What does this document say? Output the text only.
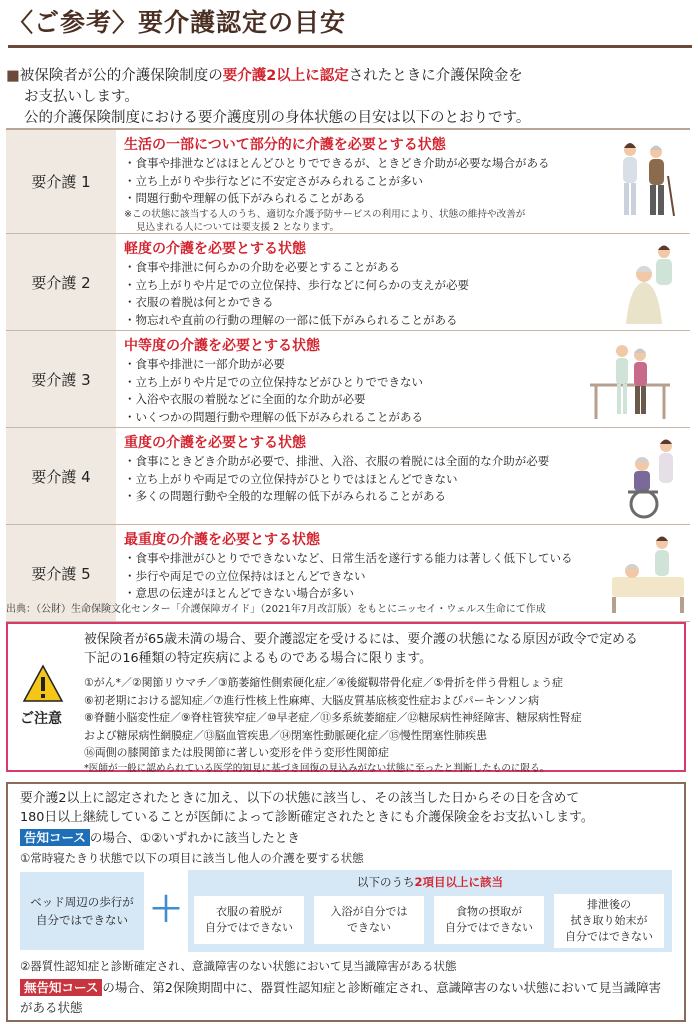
〈ご参考〉要介護認定の目安
■被保険者が公的介護保険制度の要介護2以上に認定されたときに介護保険金を
お支払いします。
公的介護保険制度における要介護度別の身体状態の目安は以下のとおりです。
要介護 1
生活の一部について部分的に介護を必要とする状態
・食事や排泄などはほとんどひとりでできるが、ときどき介助が必要な場合がある
・立ち上がりや歩行などに不安定さがみられることが多い
・問題行動や理解の低下がみられることがある
※この状態に該当する人のうち、適切な介護予防サービスの利用により、状態の維持や改善が
見込まれる人については要支援 2 となります。
要介護 2
軽度の介護を必要とする状態
・食事や排泄に何らかの介助を必要とすることがある
・立ち上がりや片足での立位保持、歩行などに何らかの支えが必要
・衣服の着脱は何とかできる
・物忘れや直前の行動の理解の一部に低下がみられることがある
要介護 3
中等度の介護を必要とする状態
・食事や排泄に一部介助が必要
・立ち上がりや片足での立位保持などがひとりでできない
・入浴や衣服の着脱などに全面的な介助が必要
・いくつかの問題行動や理解の低下がみられることがある
要介護 4
重度の介護を必要とする状態
・食事にときどき介助が必要で、排泄、入浴、衣服の着脱には全面的な介助が必要
・立ち上がりや両足での立位保持がひとりではほとんどできない
・多くの問題行動や全般的な理解の低下がみられることがある
要介護 5
最重度の介護を必要とする状態
・食事や排泄がひとりでできないなど、日常生活を遂行する能力は著しく低下している
・歩行や両足での立位保持はほとんどできない
・意思の伝達がほとんどできない場合が多い
出典：（公財）生命保険文化センター「介護保障ガイド」（2021年7月改訂版）をもとにニッセイ・ウェルス生命にて作成
ご注意
被保険者が65歳未満の場合、要介護認定を受けるには、要介護の状態になる原因が政令で定める
下記の16種類の特定疾病によるものである場合に限ります。
①がん*／②関節リウマチ／③筋萎縮性側索硬化症／④後縦靱帯骨化症／⑤骨折を伴う骨粗しょう症
⑥初老期における認知症／⑦進行性核上性麻痺、大脳皮質基底核変性症およびパーキンソン病
⑧脊髄小脳変性症／⑨脊柱管狭窄症／⑩早老症／⑪多系統萎縮症／⑫糖尿病性神経障害、糖尿病性腎症
および糖尿病性網膜症／⑬脳血管疾患／⑭閉塞性動脈硬化症／⑮慢性閉塞性肺疾患
⑯両側の膝関節または股関節に著しい変形を伴う変形性関節症
*医師が一般に認められている医学的知見に基づき回復の見込みがない状態に至ったと判断したものに限る。
要介護2以上に認定されたときに加え、以下の状態に該当し、その該当した日からその日を含めて
180日以上継続していることが医師によって診断確定されたときにも介護保険金をお支払いします。
告知コース の場合、①②いずれかに該当したとき
①常時寝たきり状態で以下の項目に該当し他人の介護を要する状態
ベッド周辺の歩行が
自分ではできない ＋
以下のうち2項目以上に該当
衣服の着脱が
自分ではできない
入浴が自分では
できない
食物の摂取が
自分ではできない
排泄後の
拭き取り始末が
自分ではできない
②器質性認知症と診断確定され、意識障害のない状態において見当識障害がある状態
無告知コース の場合、第2保険期間中に、器質性認知症と診断確定され、意識障害のない状態において見当識障害
がある状態
